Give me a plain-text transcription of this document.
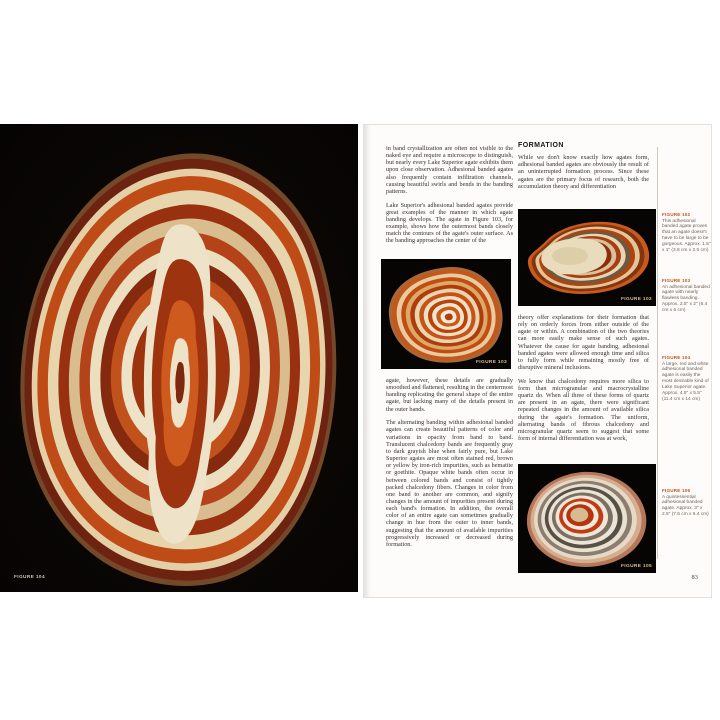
FIGURE 104

in band crystallization are often not visible to the naked eye and require a microscope to distinguish, but nearly every Lake Superior agate exhibits them upon close observation. Adhesional banded agates also frequently contain infiltration channels, causing beautiful swirls and bends in the banding patterns.

Lake Superior's adhesional banded agates provide great examples of the manner in which agate banding develops. The agate in Figure 103, for example, shows how the outermost bands closely match the contours of the agate's outer surface. As the banding approaches the center of the

FIGURE 103

agate, however, these details are gradually smoothed and flattened, resulting in the centermost banding replicating the general shape of the entire agate, but lacking many of the details present in the outer bands.

The alternating banding within adhesional banded agates can create beautiful patterns of color and variations in opacity from band to band. Translucent chalcedony bands are frequently gray to dark grayish blue when fairly pure, but Lake Superior agates are most often stained red, brown or yellow by iron-rich impurities, such as hematite or goethite. Opaque white bands often occur in between colored bands and consist of tightly packed chalcedony fibers. Changes in color from one band to another are common, and signify changes in the amount of impurities present during each band's formation. In addition, the overall color of an entire agate can sometimes gradually change in hue from the outer to inner bands, suggesting that the amount of available impurities progressively increased or decreased during formation.

FORMATION

While we don't know exactly how agates form, adhesional banded agates are obviously the result of an uninterrupted formation process. Since these agates are the primary focus of research, both the accumulation theory and differentiation

FIGURE 102

theory offer explanations for their formation that rely on orderly forces from either outside of the agate or within. A combination of the two theories can more easily make sense of such agates. Whatever the cause for agate banding, adhesional banded agates were allowed enough time and silica to fully form while remaining mostly free of disruptive mineral inclusions.

We know that chalcedony requires more silica to form than microgranular and macrocrystalline quartz do. When all three of these forms of quartz are present in an agate, there were significant repeated changes in the amount of available silica during the agate's formation. The uniform, alternating bands of fibrous chalcedony and microgranular quartz seem to suggest that some form of internal differentiation was at work,

FIGURE 105
FIGURE 102
This adhesional banded agate proves that an agate doesn't have to be large to be gorgeous. Approx. 1.5" x 1" (3.8 cm x 2.5 cm)
FIGURE 103
An adhesional banded agate with nearly flawless banding. Approx. 2.5" x 2" (6.4 cm x 5 cm)
FIGURE 104
A large, red and white adhesional banded agate is easily the most desirable kind of Lake Superior agate. Approx. 4.5" x 5.5" (11.4 cm x 14 cm)
FIGURE 105
A quintessential adhesional banded agate. Approx. 3" x 2.5" (7.6 cm x 6.4 cm)
83
